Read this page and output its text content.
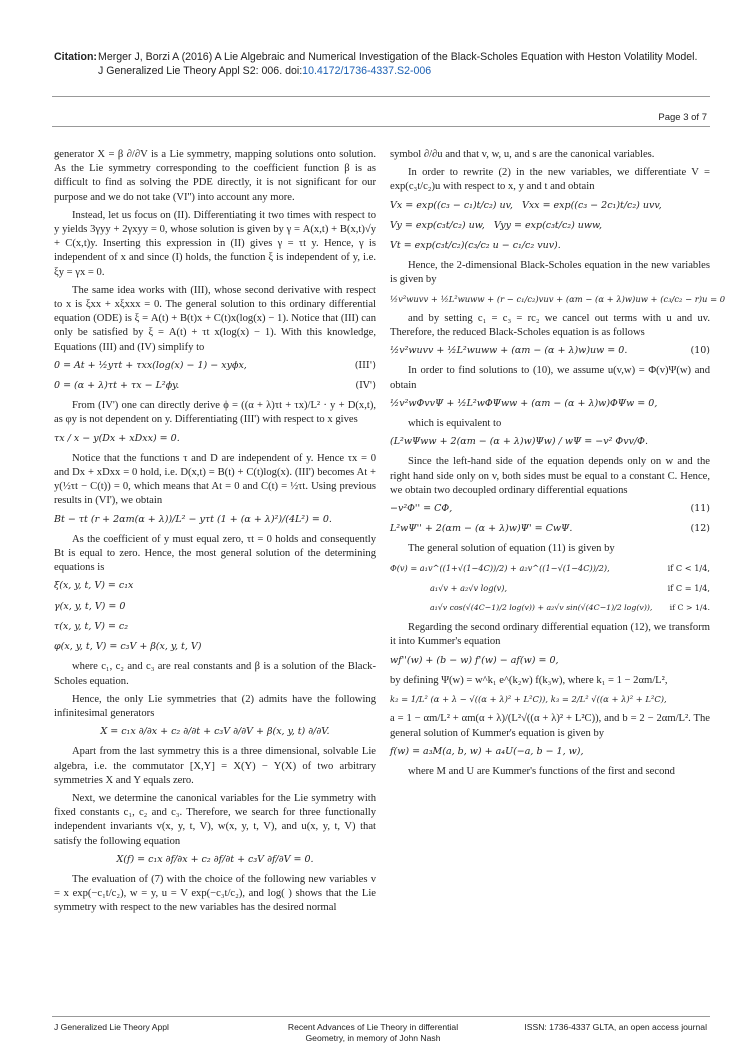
Citation: Merger J, Borzi A (2016) A Lie Algebraic and Numerical Investigation of the Black-Scholes Equation with Heston Volatility Model. J Generalized Lie Theory Appl S2: 006. doi:10.4172/1736-4337.S2-006
Page 3 of 7

generator X = β ∂/∂V is a Lie symmetry, mapping solutions onto solution. As the Lie symmetry corresponding to the coefficient function β is as difficult to find as solving the PDE directly, it is not significant for our purpose and we do not take (VI'') into account any more.

Instead, let us focus on (II). Differentiating it two times with respect to y yields 3γyy + 2γxyy = 0, whose solution is given by γ = A(x,t) + B(x,t)√y + C(x,t)y. Inserting this expression in (II) gives γ = τt y. Hence, γ is independent of x and since (I) holds, the function ξ is independent of y, i.e. ξy = γx = 0.

The same idea works with (III), whose second derivative with respect to x is ξxx + xξxxx = 0. The general solution to this ordinary differential equation (ODE) is ξ = A(t) + B(t)x + C(t)x(log(x) − 1). Notice that (III) can only be satisfied by ξ = A(t) + τt x(log(x) − 1). With this knowledge, Equations (III) and (IV) simplify to

0 = At + ½yτt + τxx(log(x) − 1) − xyϕx,	(III')
0 = (α + λ)τt + τx − L²ϕy.	(IV')

From (IV') one can directly derive ϕ = ((α + λ)τt + τx)/L² · y + D(x,t), as φy is not dependent on y. Differentiating (III') with respect to x gives

τx / x − y(Dx + xDxx) = 0.

Notice that the functions τ and D are independent of y. Hence τx = 0 and Dx + xDxx = 0 hold, i.e. D(x,t) = B(t) + C(t)log(x). (III') becomes At + y(½τt − C(t)) = 0, which means that At = 0 and C(t) = ½τt. Using previous results in (VI'), we obtain

Bt − τt (r + 2αm(α + λ))/L² − yτt (1 + (α + λ)²)/(4L²) = 0.

As the coefficient of y must equal zero, τt = 0 holds and consequently Bt is equal to zero. Hence, the most general solution of the determining equations is

ξ(x, y, t, V) = c₁x
γ(x, y, t, V) = 0
τ(x, y, t, V) = c₂
φ(x, y, t, V) = c₃V + β(x, y, t, V)

where c₁, c₂ and c₃ are real constants and β is a solution of the Black-Scholes equation.

Hence, the only Lie symmetries that (2) admits have the following infinitesimal generators

X = c₁x ∂/∂x + c₂ ∂/∂t + c₃V ∂/∂V + β(x, y, t) ∂/∂V.

Apart from the last symmetry this is a three dimensional, solvable Lie algebra, i.e. the commutator [X,Y] = X(Y) − Y(X) of two arbitrary symmetries X and Y equals zero.

Next, we determine the canonical variables for the Lie symmetry with fixed constants c₁, c₂ and c₃. Therefore, we search for three functionally independent invariants v(x, y, t, V), w(x, y, t, V), and u(x, y, t, V) that satisfy the following equation

X(f) = c₁x ∂f/∂x + c₂ ∂f/∂t + c₃V ∂f/∂V = 0.

The evaluation of (7) with the choice of the following new variables v = x exp(−c₁t/c₂), w = y, u = V exp(−c₃t/c₂), and log( ) shows that the Lie symmetry with respect to the new variables has the desired normal

symbol ∂/∂u and that v, w, u, and s are the canonical variables.

In order to rewrite (2) in the new variables, we differentiate V = exp(c₃t/c₂)u with respect to x, y and t and obtain

Vx = exp((c₃ − c₁)t/c₂) uv, Vxx = exp((c₃ − 2c₁)t/c₂) uvv,
Vy = exp(c₃t/c₂) uw, Vyy = exp(c₃t/c₂) uww,
Vt = exp(c₃t/c₂)(c₃/c₂ u − c₁/c₂ vuv).

Hence, the 2-dimensional Black-Scholes equation in the new variables is given by

½v²wuvv + ½L²wuww + (r − c₁/c₂)vuv + (αm − (α + λ)w)uw + (c₃/c₂ − r)u = 0

and by setting c₁ = c₃ = rc₂ we cancel out terms with u and uv. Therefore, the reduced Black-Scholes equation is as follows

½v²wuvv + ½L²wuww + (αm − (α + λ)w)uw = 0.	(10)

In order to find solutions to (10), we assume u(v,w) = Φ(v)Ψ(w) and obtain

½v²wΦvvΨ + ½L²wΦΨww + (αm − (α + λ)w)ΦΨw = 0,

which is equivalent to

(L²wΨww + 2(αm − (α + λ)w)Ψw) / wΨ = −v² Φvv/Φ.

Since the left-hand side of the equation depends only on w and the right hand side only on v, both sides must be equal to a constant C. Hence, we obtain two decoupled ordinary differential equations

−v²Φ'' = CΦ,	(11)
L²wΨ'' + 2(αm − (α + λ)w)Ψ' = CwΨ.	(12)

The general solution of equation (11) is given by

Φ(v) = a₁v^((1+√(1−4C))/2) + a₂v^((1−√(1−4C))/2),	if C < 1/4,
a₁√v + a₂√v log(v),	if C = 1/4,
a₁√v cos(√(4C−1)/2 log(v)) + a₂√v sin(√(4C−1)/2 log(v)), if C > 1/4.

Regarding the second ordinary differential equation (12), we transform it into Kummer's equation

wf''(w) + (b − w) f'(w) − af(w) = 0,

by defining Ψ(w) = w^k₁ e^(k₂w) f(k₃w), where k₁ = 1 − 2αm/L²,

k₂ = 1/L² (α + λ − √((α + λ)² + L²C)), k₃ = 2/L² √((α + λ)² + L²C),

a = 1 − αm/L² + αm(α + λ)/(L²√((α + λ)² + L²C)), and b = 2 − 2αm/L². The general solution of Kummer's equation is given by

f(w) = a₃M(a, b, w) + a₄U(−a, b − 1, w),

where M and U are Kummer's functions of the first and second

J Generalized Lie Theory Appl	Recent Advances of Lie Theory in differential
Geometry, in memory of John Nash
ISSN: 1736-4337 GLTA, an open access journal
